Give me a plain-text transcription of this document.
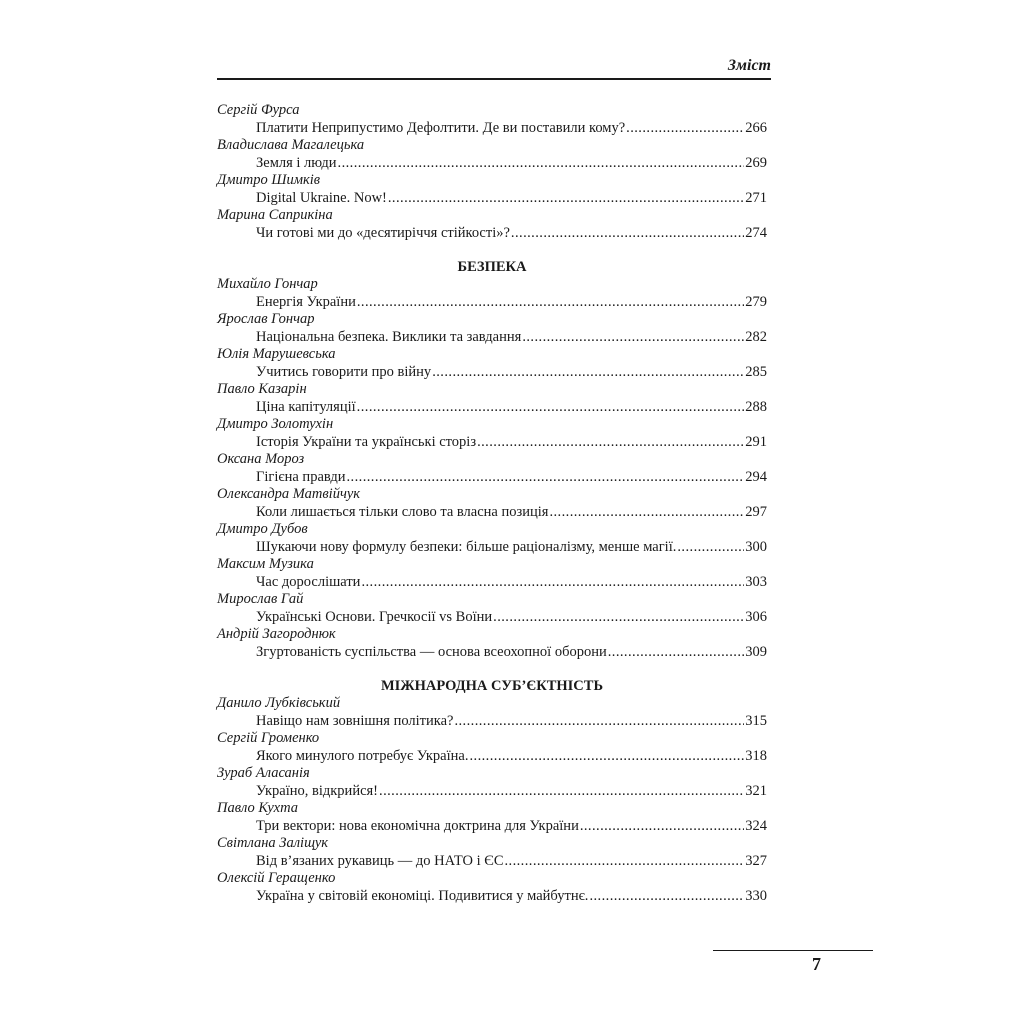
Зміст
Сергій Фурса
Платити Неприпустимо Дефолтити. Де ви поставили кому? . . .	266
Владислава Магалецька
Земля і люди . . .	269
Дмитро Шимків
Digital Ukraine. Now! . . .	271
Марина Саприкіна
Чи готові ми до «десятиріччя стійкості»? . . .	274
БЕЗПЕКА
Михайло Гончар
Енергія України . . .	279
Ярослав Гончар
Національна безпека. Виклики та завдання . . .	282
Юлія Марушевська
Учитись говорити про війну . . .	285
Павло Казарін
Ціна капітуляції . . .	288
Дмитро Золотухін
Історія України та українські сторіз . . .	291
Оксана Мороз
Гігієна правди . . .	294
Олександра Матвійчук
Коли лишається тільки слово та власна позиція . . .	297
Дмитро Дубов
Шукаючи нову формулу безпеки: більше раціоналізму, менше магії. . . .	300
Максим Музика
Час дорослішати . . .	303
Мирослав Гай
Українські Основи. Гречкосії vs Воїни . . .	306
Андрій Загороднюк
Згуртованість суспільства — основа всеохопної оборони . . .	309
МІЖНАРОДНА СУБ’ЄКТНІСТЬ
Данило Лубківський
Навіщо нам зовнішня політика? . . .	315
Сергій Громенко
Якого минулого потребує Україна. . . .	318
Зураб Аласанія
Україно, відкрийся! . . .	321
Павло Кухта
Три вектори: нова економічна доктрина для України . . .	324
Світлана Заліщук
Від в’язаних рукавиць — до НАТО і ЄС . . .	327
Олексій Геращенко
Україна у світовій економіці. Подивитися у майбутнє. . . .	330
7
